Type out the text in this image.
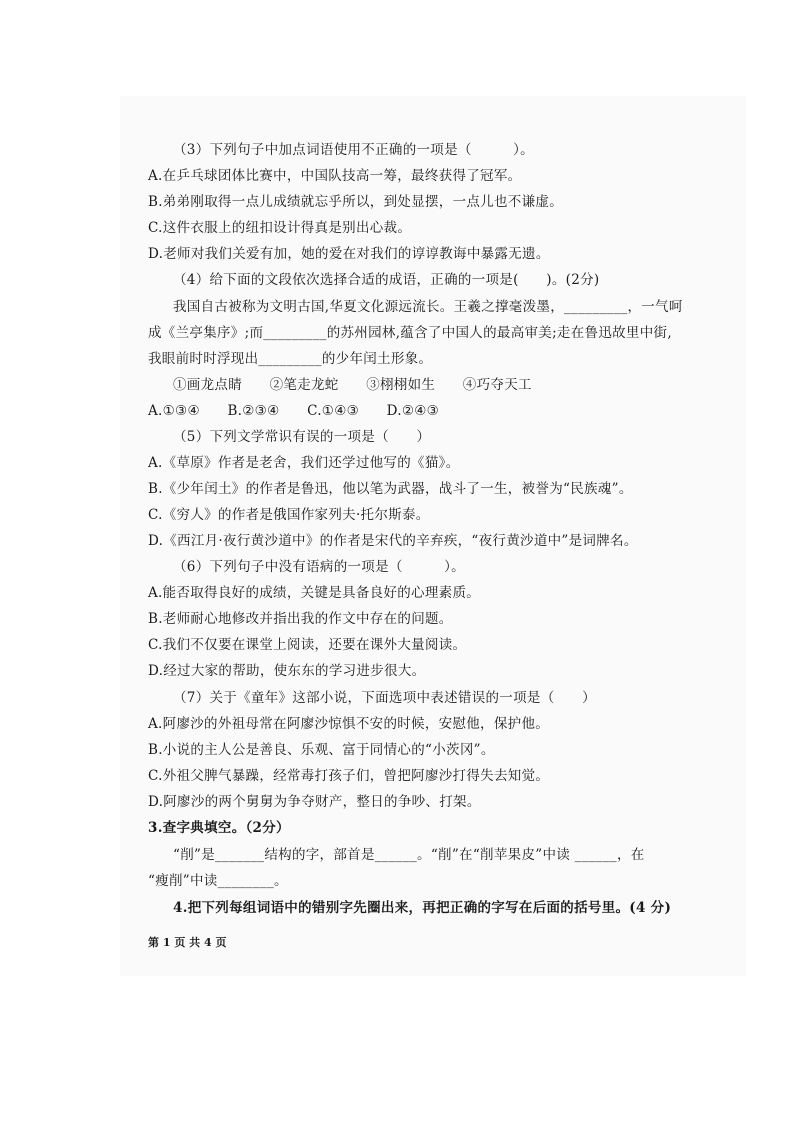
（3）下列句子中加点词语使用不正确的一项是（　　　）。
A.在乒乓球团体比赛中，中国队技高一筹，最终获得了冠军。
B.弟弟刚取得一点儿成绩就忘乎所以，到处显摆，一点儿也不谦虚。
C.这件衣服上的纽扣设计得真是别出心裁。
D.老师对我们关爱有加，她的爱在对我们的谆谆教诲中暴露无遗。
（4）给下面的文段依次选择合适的成语，正确的一项是(　　)。(2分)
我国自古被称为文明古国,华夏文化源远流长。王羲之撑毫泼墨，_________，一气呵
成《兰亭集序》;而_________的苏州园林,蕴含了中国人的最高审美;走在鲁迅故里中街,
我眼前时时浮现出_________的少年闰土形象。
①画龙点睛　　②笔走龙蛇　　③栩栩如生　　④巧夺天工
A.①③④　　B.②③④　　C.①④③　　D.②④③
（5）下列文学常识有误的一项是（　　）
A.《草原》作者是老舍，我们还学过他写的《猫》。
B.《少年闰土》的作者是鲁迅，他以笔为武器，战斗了一生，被誉为“民族魂”。
C.《穷人》的作者是俄国作家列夫·托尔斯泰。
D.《西江月·夜行黄沙道中》的作者是宋代的辛弃疾，“夜行黄沙道中”是词牌名。
（6）下列句子中没有语病的一项是（　　　）。
A.能否取得良好的成绩，关键是具备良好的心理素质。
B.老师耐心地修改并指出我的作文中存在的问题。
C.我们不仅要在课堂上阅读，还要在课外大量阅读。
D.经过大家的帮助，使东东的学习进步很大。
（7）关于《童年》这部小说，下面选项中表述错误的一项是（　　）
A.阿廖沙的外祖母常在阿廖沙惊惧不安的时候，安慰他，保护他。
B.小说的主人公是善良、乐观、富于同情心的“小茨冈”。
C.外祖父脾气暴躁，经常毒打孩子们，曾把阿廖沙打得失去知觉。
D.阿廖沙的两个舅舅为争夺财产，整日的争吵、打架。
3.查字典填空。（2分）
“削”是_______结构的字，部首是______。“削”在“削苹果皮”中读 ______，在
“瘦削”中读________。
4.把下列每组词语中的错别字先圈出来，再把正确的字写在后面的括号里。(4 分)
第 1 页 共 4 页
